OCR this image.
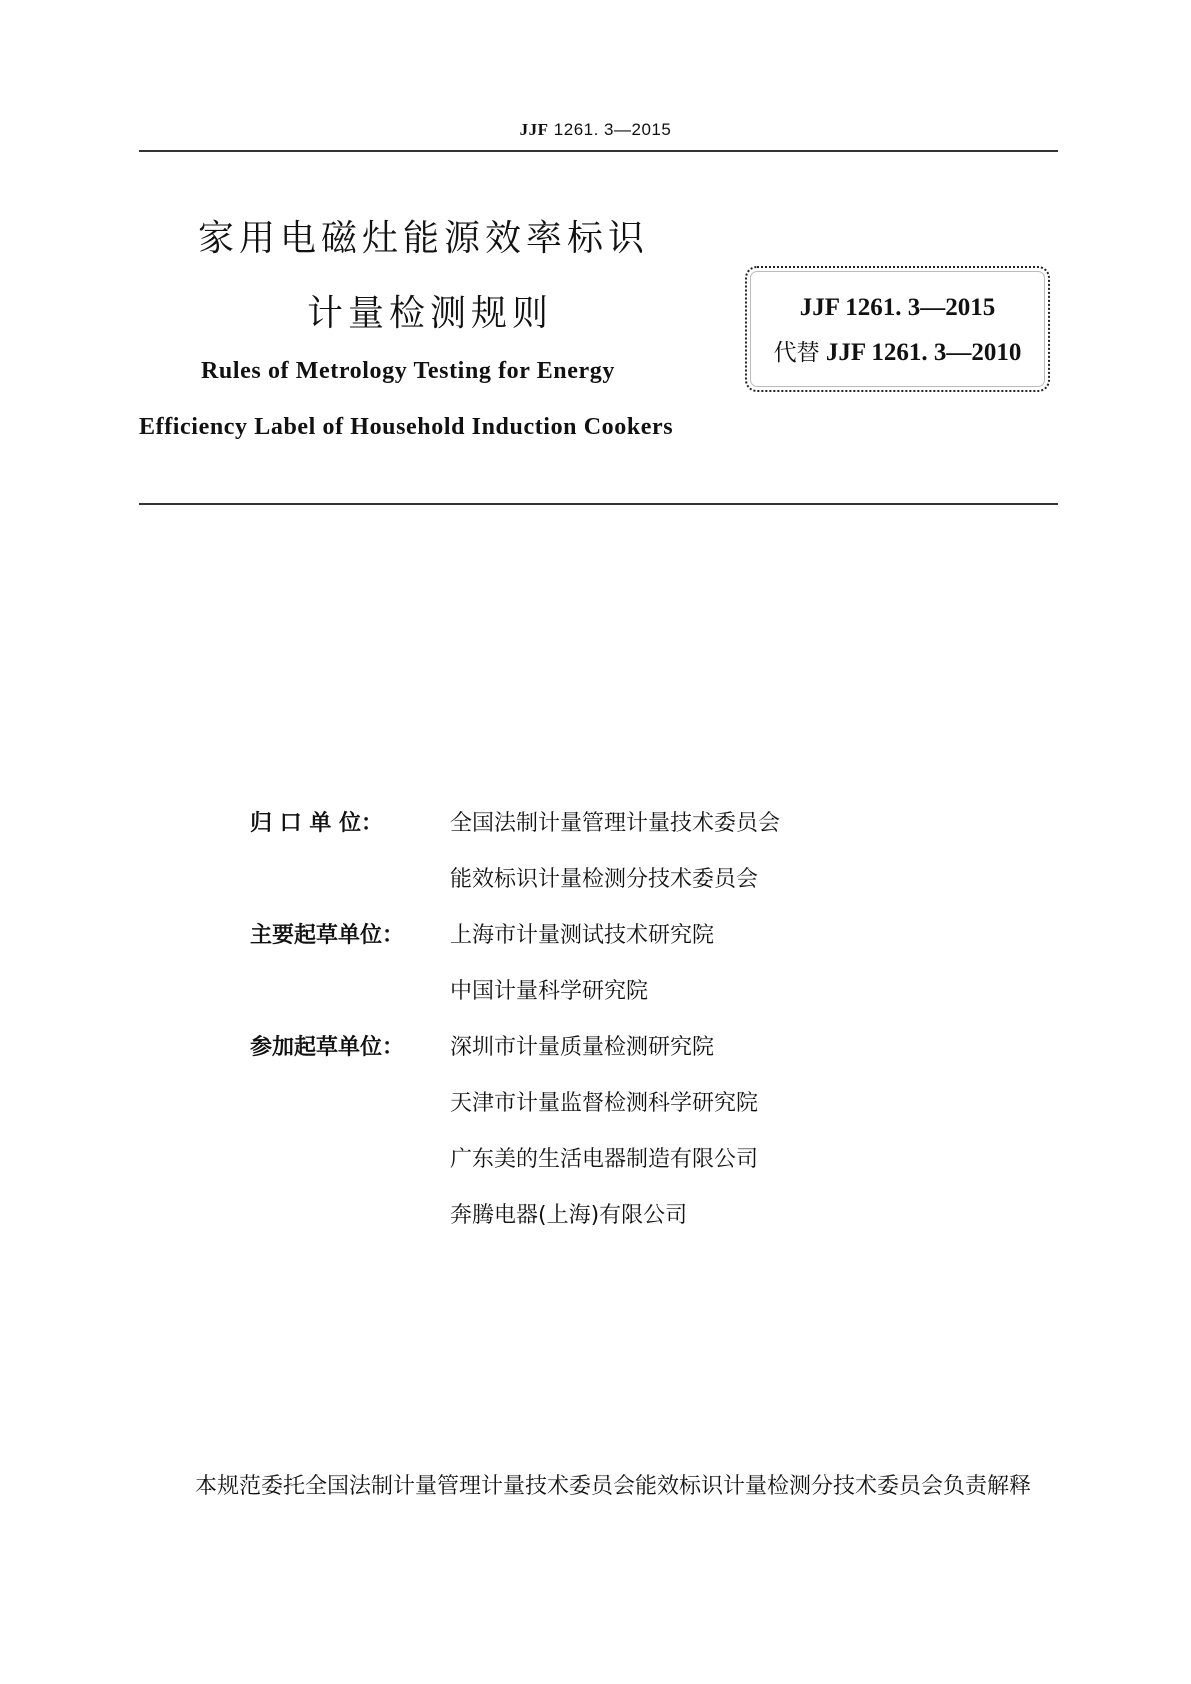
JJF 1261. 3—2015
家用电磁灶能源效率标识
计量检测规则
Rules of Metrology Testing for Energy
Efficiency Label of Household Induction Cookers
JJF 1261. 3—2015
代替 JJF 1261. 3—2010
归 口 单 位：	全国法制计量管理计量技术委员会
能效标识计量检测分技术委员会
主要起草单位： 上海市计量测试技术研究院
中国计量科学研究院
参加起草单位： 深圳市计量质量检测研究院
天津市计量监督检测科学研究院
广东美的生活电器制造有限公司
奔腾电器(上海)有限公司
本规范委托全国法制计量管理计量技术委员会能效标识计量检测分技术委员会负责解释
